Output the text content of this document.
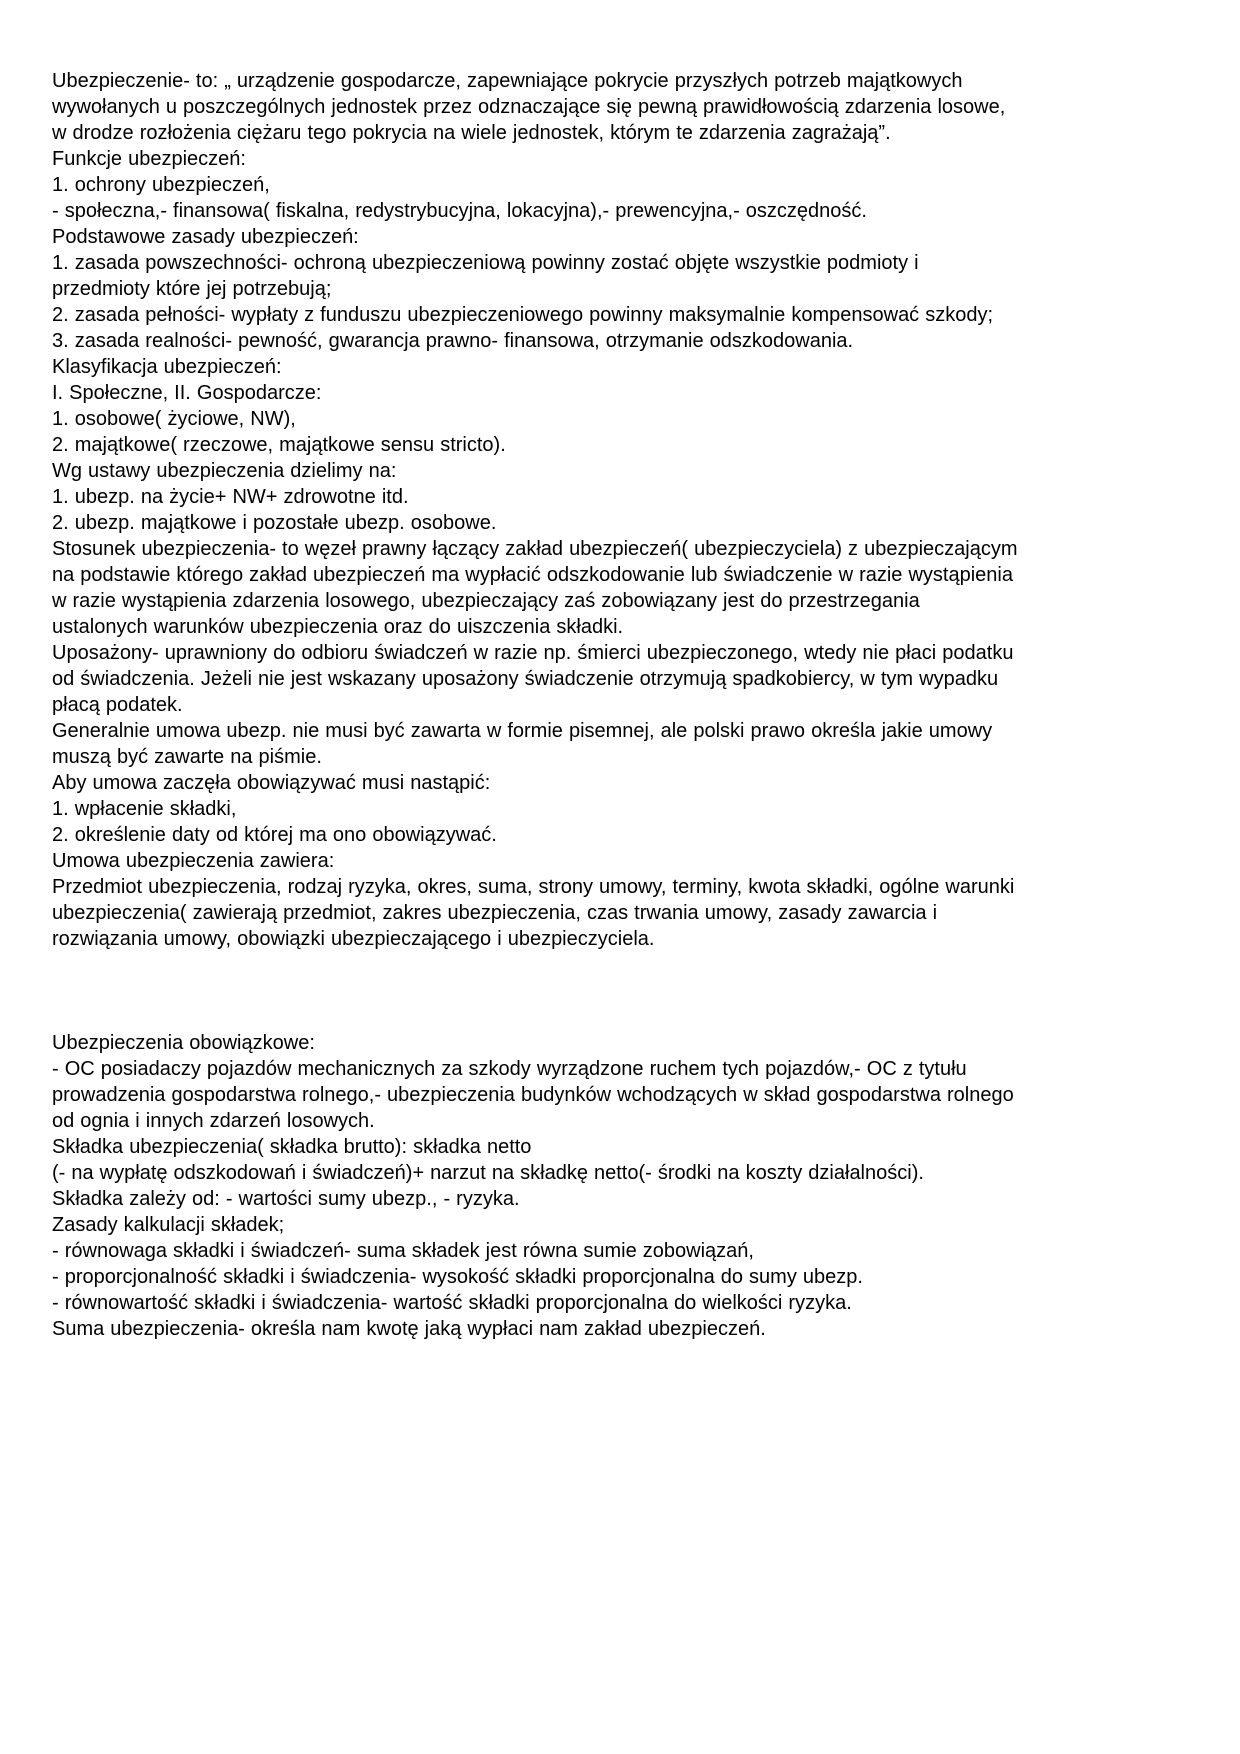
Ubezpieczenie- to: „ urządzenie gospodarcze, zapewniające pokrycie przyszłych potrzeb majątkowych wywołanych u poszczególnych jednostek przez odznaczające się pewną prawidłowością zdarzenia losowe, w drodze rozłożenia ciężaru tego pokrycia na wiele jednostek, którym te zdarzenia zagrażają”.

Funkcje ubezpieczeń:

1. ochrony ubezpieczeń,

- społeczna,- finansowa( fiskalna, redystrybucyjna, lokacyjna),- prewencyjna,- oszczędność.

Podstawowe zasady ubezpieczeń:

1. zasada powszechności- ochroną ubezpieczeniową powinny zostać objęte wszystkie podmioty i przedmioty które jej potrzebują;

2. zasada pełności- wypłaty z funduszu ubezpieczeniowego powinny maksymalnie kompensować szkody;

3. zasada realności- pewność, gwarancja prawno- finansowa, otrzymanie odszkodowania.

Klasyfikacja ubezpieczeń:

I. Społeczne, II. Gospodarcze:

1. osobowe( życiowe, NW),

2. majątkowe( rzeczowe, majątkowe sensu stricto).

Wg ustawy ubezpieczenia dzielimy na:

1. ubezp. na życie+ NW+ zdrowotne itd.

2. ubezp. majątkowe i pozostałe ubezp. osobowe.

Stosunek ubezpieczenia- to węzeł prawny łączący zakład ubezpieczeń( ubezpieczyciela) z ubezpieczającym na podstawie którego zakład ubezpieczeń ma wypłacić odszkodowanie lub świadczenie w razie wystąpienia w razie wystąpienia zdarzenia losowego, ubezpieczający zaś zobowiązany jest do przestrzegania ustalonych warunków ubezpieczenia oraz do uiszczenia składki.

Uposażony- uprawniony do odbioru świadczeń w razie np. śmierci ubezpieczonego, wtedy nie płaci podatku od świadczenia. Jeżeli nie jest wskazany uposażony świadczenie otrzymują spadkobiercy, w tym wypadku płacą podatek.

Generalnie umowa ubezp. nie musi być zawarta w formie pisemnej, ale polski prawo określa jakie umowy muszą być zawarte na piśmie.

Aby umowa zaczęła obowiązywać musi nastąpić:

1. wpłacenie składki,

2. określenie daty od której ma ono obowiązywać.

Umowa ubezpieczenia zawiera:

Przedmiot ubezpieczenia, rodzaj ryzyka, okres, suma, strony umowy, terminy, kwota składki, ogólne warunki ubezpieczenia( zawierają przedmiot, zakres ubezpieczenia, czas trwania umowy, zasady zawarcia i rozwiązania umowy, obowiązki ubezpieczającego i ubezpieczyciela.

Ubezpieczenia obowiązkowe:

- OC posiadaczy pojazdów mechanicznych za szkody wyrządzone ruchem tych pojazdów,- OC z tytułu prowadzenia gospodarstwa rolnego,- ubezpieczenia budynków wchodzących w skład gospodarstwa rolnego od ognia i innych zdarzeń losowych.

Składka ubezpieczenia( składka brutto): składka netto

(- na wypłatę odszkodowań i świadczeń)+ narzut na składkę netto(- środki na koszty działalności).

Składka zależy od: - wartości sumy ubezp., - ryzyka.

Zasady kalkulacji składek;

- równowaga składki i świadczeń- suma składek jest równa sumie zobowiązań,

- proporcjonalność składki i świadczenia- wysokość składki proporcjonalna do sumy ubezp.

- równowartość składki i świadczenia- wartość składki proporcjonalna do wielkości ryzyka.

Suma ubezpieczenia- określa nam kwotę jaką wypłaci nam zakład ubezpieczeń.
